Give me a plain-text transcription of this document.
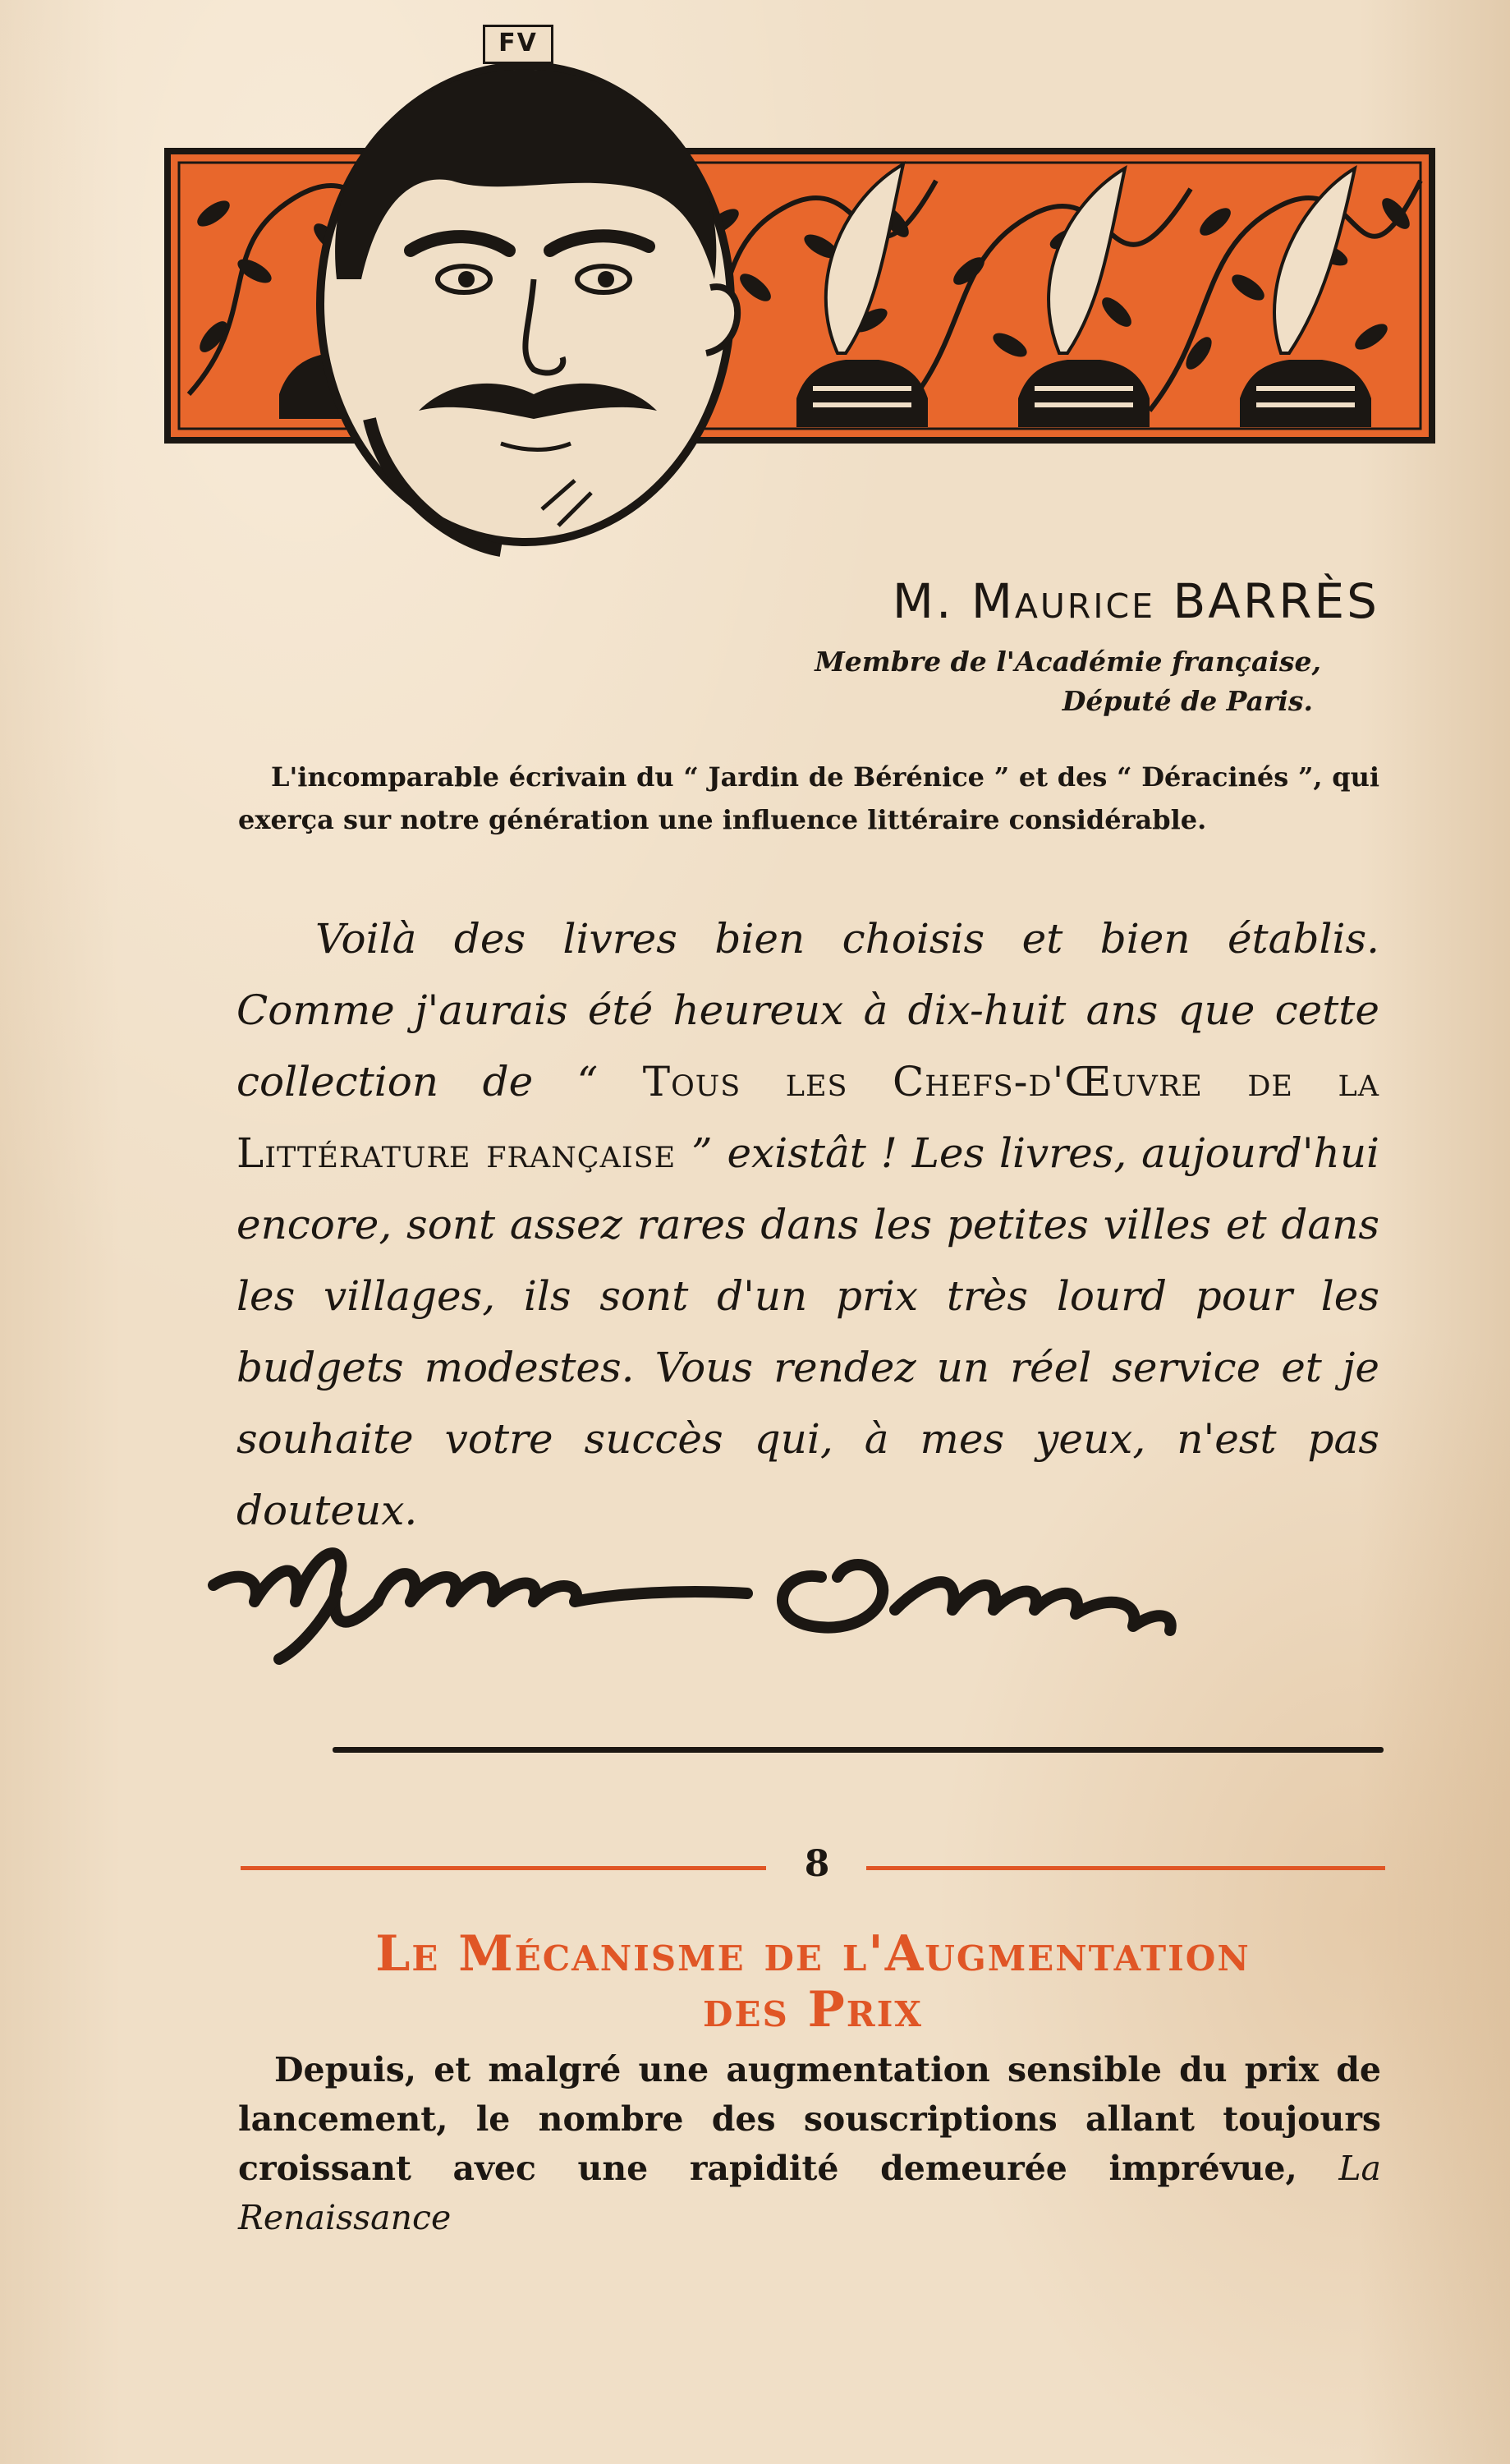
FV
M. Maurice BARRÈS
Membre de l'Académie française,
Député de Paris.
L'incomparable écrivain du “ Jardin de Bérénice ” et des “ Déracinés ”, qui exerça sur notre génération une influence littéraire considérable.
Voilà des livres bien choisis et bien établis. Comme j'aurais été heureux à dix-huit ans que cette collection de “ Tous les Chefs-d'Œuvre de la Littérature française ” existât ! Les livres, aujourd'hui encore, sont assez rares dans les petites villes et dans les villages, ils sont d'un prix très lourd pour les budgets modestes. Vous rendez un réel service et je souhaite votre succès qui, à mes yeux, n'est pas douteux.
8
Le Mécanisme de l'Augmentation
des Prix
Depuis, et malgré une augmentation sensible du prix de lancement, le nombre des souscriptions allant toujours croissant avec une rapidité demeurée imprévue, La Renaissance
